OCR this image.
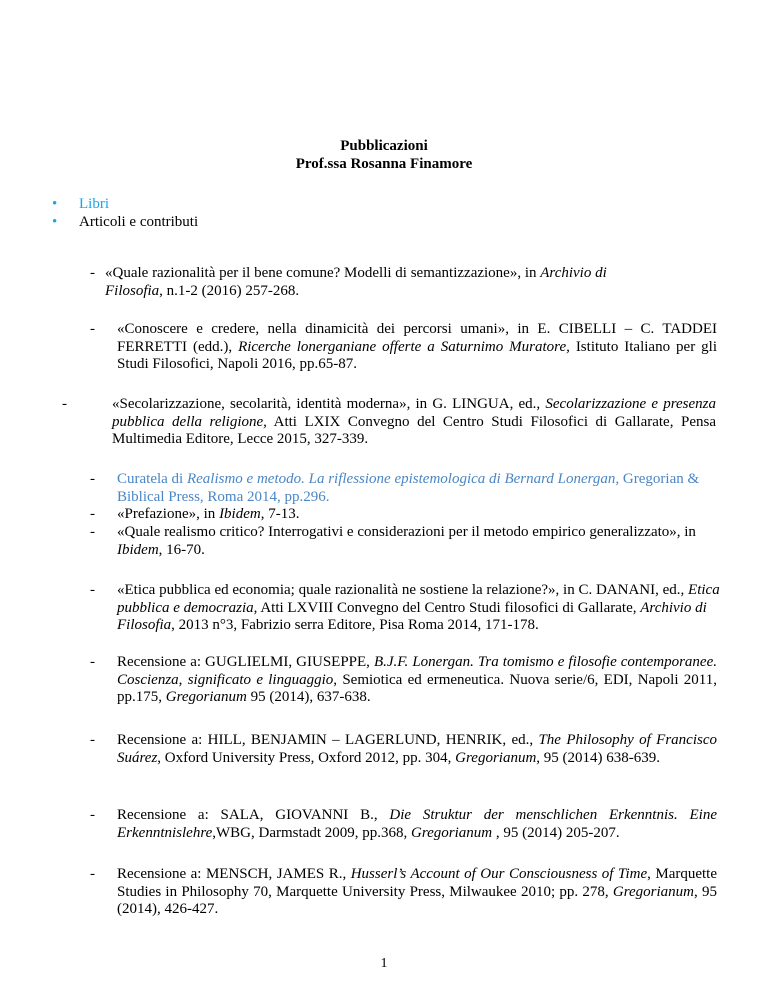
Pubblicazioni
Prof.ssa Rosanna Finamore
•	Libri
•	Articoli e contributi
- «Quale razionalità per il bene comune? Modelli di semantizzazione», in Archivio di Filosofia, n.1-2 (2016) 257-268.
- «Conoscere e credere, nella dinamicità dei percorsi umani», in E. CIBELLI – C. TADDEI FERRETTI (edd.), Ricerche lonerganiane offerte a Saturnimo Muratore, Istituto Italiano per gli Studi Filosofici, Napoli 2016, pp.65-87.
-	«Secolarizzazione, secolarità, identità moderna», in G. LINGUA, ed., Secolarizzazione e presenza pubblica della religione, Atti LXIX Convegno del Centro Studi Filosofici di Gallarate, Pensa Multimedia Editore, Lecce 2015, 327-339.
- Curatela di Realismo e metodo. La riflessione epistemologica di Bernard Lonergan, Gregorian & Biblical Press, Roma 2014, pp.296.
- «Prefazione», in Ibidem, 7-13.
- «Quale realismo critico? Interrogativi e considerazioni per il metodo empirico generalizzato», in Ibidem, 16-70.
- «Etica pubblica ed economia; quale razionalità ne sostiene la relazione?», in C. DANANI, ed., Etica pubblica e democrazia, Atti LXVIII Convegno del Centro Studi filosofici di Gallarate, Archivio di Filosofia, 2013 n°3, Fabrizio serra Editore, Pisa Roma 2014, 171-178.
- Recensione a: GUGLIELMI, GIUSEPPE, B.J.F. Lonergan. Tra tomismo e filosofie contemporanee. Coscienza, significato e linguaggio, Semiotica ed ermeneutica. Nuova serie/6, EDI, Napoli 2011, pp.175, Gregorianum 95 (2014), 637-638.
- Recensione a: HILL, BENJAMIN – LAGERLUND, HENRIK, ed., The Philosophy of Francisco Suárez, Oxford University Press, Oxford 2012, pp. 304, Gregorianum, 95 (2014) 638-639.
- Recensione a: SALA, GIOVANNI B., Die Struktur der menschlichen Erkenntnis. Eine Erkenntnislehre,WBG, Darmstadt 2009, pp.368, Gregorianum , 95 (2014) 205-207.
- Recensione a: MENSCH, JAMES R., Husserl’s Account of Our Consciousness of Time, Marquette Studies in Philosophy 70, Marquette University Press, Milwaukee 2010; pp. 278, Gregorianum, 95 (2014), 426-427.
1
